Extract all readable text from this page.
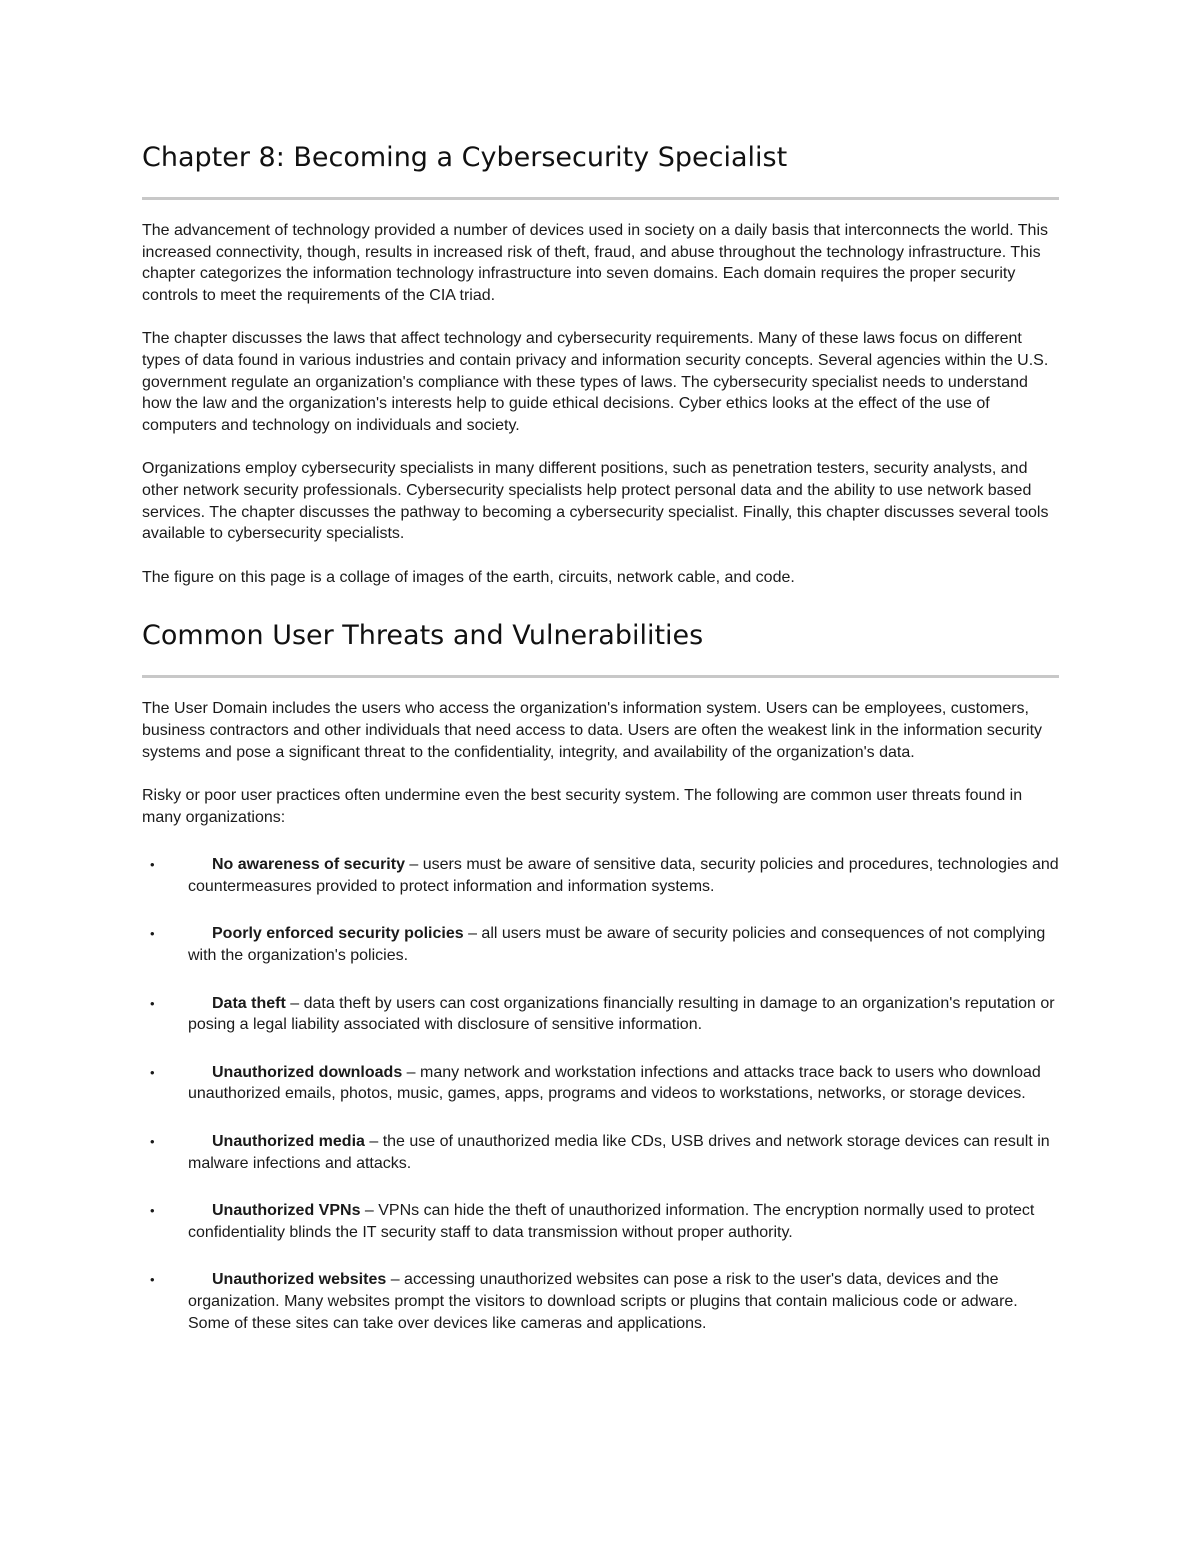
Chapter 8: Becoming a Cybersecurity Specialist

The advancement of technology provided a number of devices used in society on a daily basis that interconnects the world. This increased connectivity, though, results in increased risk of theft, fraud, and abuse throughout the technology infrastructure. This chapter categorizes the information technology infrastructure into seven domains. Each domain requires the proper security controls to meet the requirements of the CIA triad.

The chapter discusses the laws that affect technology and cybersecurity requirements. Many of these laws focus on different types of data found in various industries and contain privacy and information security concepts. Several agencies within the U.S. government regulate an organization's compliance with these types of laws. The cybersecurity specialist needs to understand how the law and the organization's interests help to guide ethical decisions. Cyber ethics looks at the effect of the use of computers and technology on individuals and society.

Organizations employ cybersecurity specialists in many different positions, such as penetration testers, security analysts, and other network security professionals. Cybersecurity specialists help protect personal data and the ability to use network based services. The chapter discusses the pathway to becoming a cybersecurity specialist. Finally, this chapter discusses several tools available to cybersecurity specialists.

The figure on this page is a collage of images of the earth, circuits, network cable, and code.

Common User Threats and Vulnerabilities

The User Domain includes the users who access the organization's information system. Users can be employees, customers, business contractors and other individuals that need access to data. Users are often the weakest link in the information security systems and pose a significant threat to the confidentiality, integrity, and availability of the organization's data.

Risky or poor user practices often undermine even the best security system. The following are common user threats found in many organizations:

•	No awareness of security – users must be aware of sensitive data, security policies and procedures, technologies and countermeasures provided to protect information and information systems.
•	Poorly enforced security policies – all users must be aware of security policies and consequences of not complying with the organization's policies.
•	Data theft – data theft by users can cost organizations financially resulting in damage to an organization's reputation or posing a legal liability associated with disclosure of sensitive information.
•	Unauthorized downloads – many network and workstation infections and attacks trace back to users who download unauthorized emails, photos, music, games, apps, programs and videos to workstations, networks, or storage devices.
•	Unauthorized media – the use of unauthorized media like CDs, USB drives and network storage devices can result in malware infections and attacks.
•	Unauthorized VPNs – VPNs can hide the theft of unauthorized information. The encryption normally used to protect confidentiality blinds the IT security staff to data transmission without proper authority.
•	Unauthorized websites – accessing unauthorized websites can pose a risk to the user's data, devices and the organization. Many websites prompt the visitors to download scripts or plugins that contain malicious code or adware. Some of these sites can take over devices like cameras and applications.
